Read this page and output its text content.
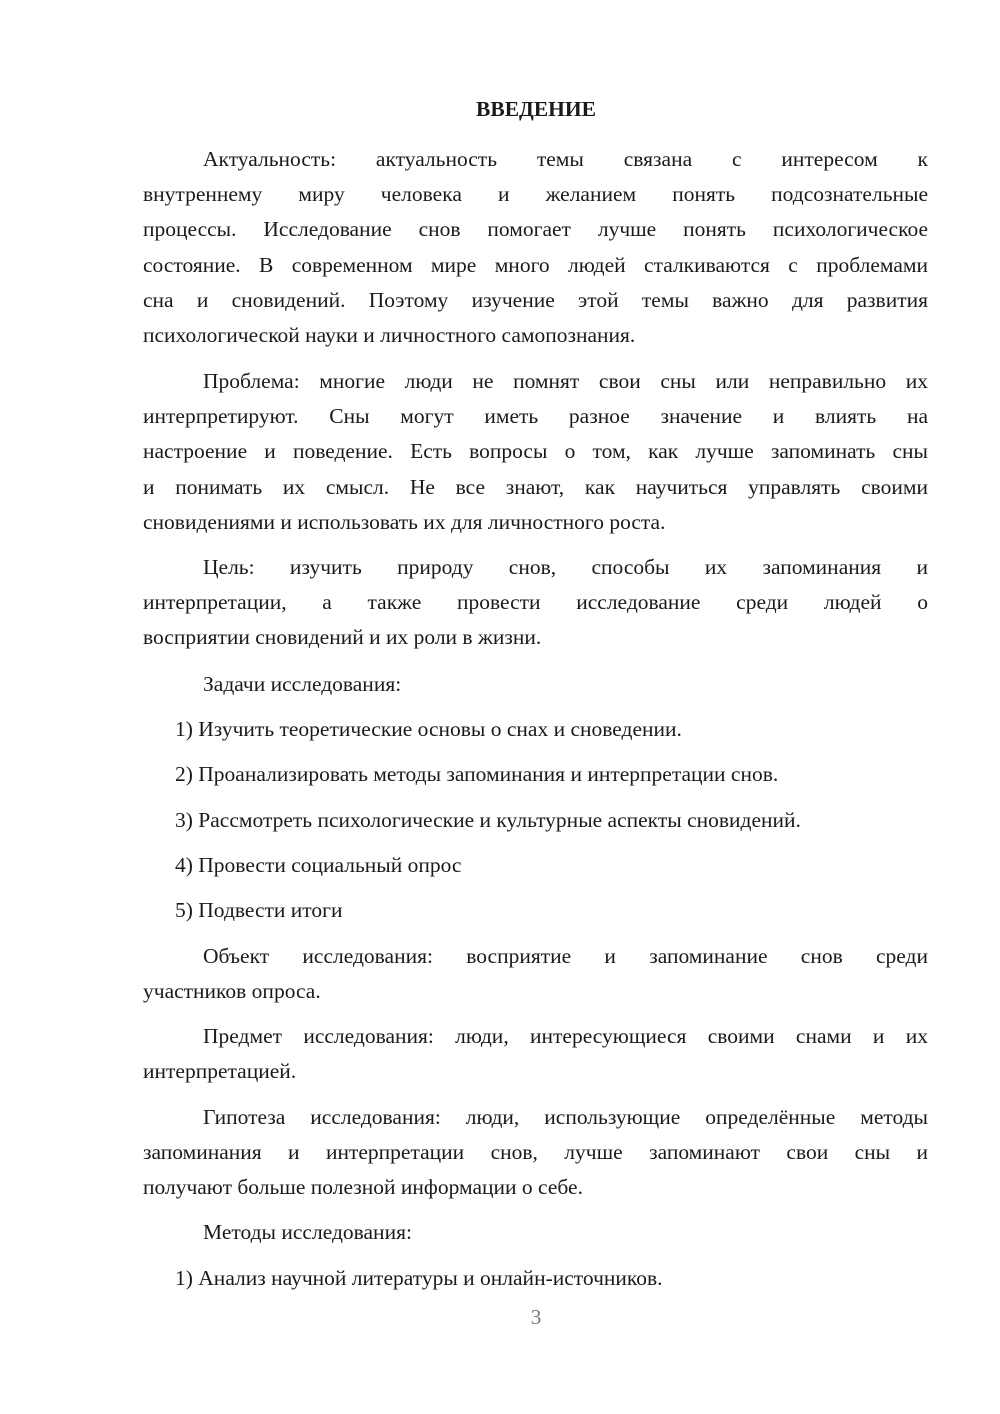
ВВЕДЕНИЕ
Актуальность: актуальность темы связана с интересом к
внутреннему миру человека и желанием понять подсознательные
процессы. Исследование снов помогает лучше понять психологическое
состояние. В современном мире много людей сталкиваются с проблемами
сна и сновидений. Поэтому изучение этой темы важно для развития
психологической науки и личностного самопознания.
Проблема: многие люди не помнят свои сны или неправильно их
интерпретируют. Сны могут иметь разное значение и влиять на
настроение и поведение. Есть вопросы о том, как лучше запоминать сны
и понимать их смысл. Не все знают, как научиться управлять своими
сновидениями и использовать их для личностного роста.
Цель: изучить природу снов, способы их запоминания и
интерпретации, а также провести исследование среди людей о
восприятии сновидений и их роли в жизни.
Задачи исследования:
1) Изучить теоретические основы о снах и сноведении.
2) Проанализировать методы запоминания и интерпретации снов.
3) Рассмотреть психологические и культурные аспекты сновидений.
4) Провести социальный опрос
5) Подвести итоги
Объект исследования: восприятие и запоминание снов среди
участников опроса.
Предмет исследования: люди, интересующиеся своими снами и их
интерпретацией.
Гипотеза исследования: люди, использующие определённые методы
запоминания и интерпретации снов, лучше запоминают свои сны и
получают больше полезной информации о себе.
Методы исследования:
1) Анализ научной литературы и онлайн-источников.
3
